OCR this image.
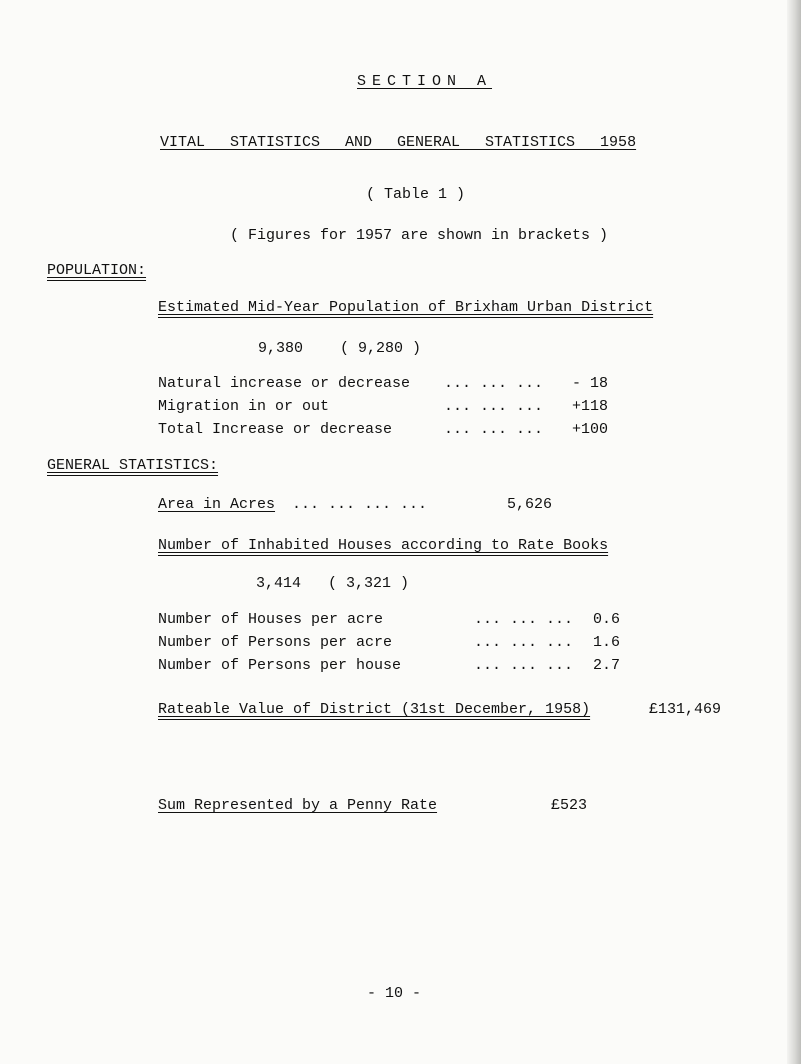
SECTION A
VITAL STATISTICS AND GENERAL STATISTICS 1958
( Table 1 )
( Figures for 1957 are shown in brackets )
POPULATION:
Estimated Mid-Year Population of Brixham Urban District
9,380 ( 9,280 )
Natural increase or decrease ... ... ... - 18
Migration in or out	... ... ... +118
Total Increase or decrease	... ... ... +100
GENERAL STATISTICS:
Area in Acres ... ... ... ...	5,626
Number of Inhabited Houses according to Rate Books
3,414 ( 3,321 )
Number of Houses per acre	... ... ... 0.6
Number of Persons per acre	... ... ... 1.6
Number of Persons per house	... ... ... 2.7
Rateable Value of District (31st December, 1958)	£131,469
Sum Represented by a Penny Rate	£523
- 10 -
